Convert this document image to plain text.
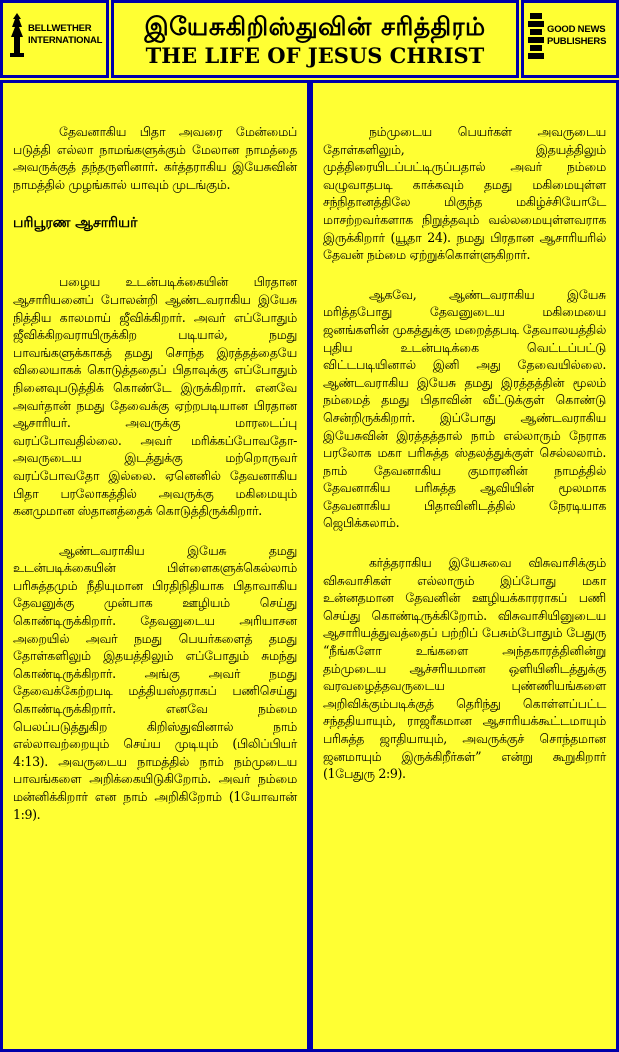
BELLWETHER
INTERNATIONAL	இயேசுகிறிஸ்துவின் சரித்திரம்
THE LIFE OF JESUS CHRIST
GOOD NEWS
PUBLISHERS

தேவனாகிய பிதா அவரை மேன்மைப் படுத்தி எல்லா நாமங்களுக்கும் மேலான நாமத்தை அவருக்குத் தந்தருளினார். கர்த்தராகிய இயேசுவின் நாமத்தில் முழங்கால் யாவும் முடங்கும்.

பரிபூரண ஆசாரியர்

பழைய உடன்படிக்கையின் பிரதான ஆசாரியனைப் போலன்றி ஆண்டவராகிய இயேசு நித்திய காலமாய் ஜீவிக்கிறார். அவர் எப்போதும் ஜீவிக்கிறவராயிருக்கிற படியால், நமது பாவங்களுக்காகத் தமது சொந்த இரத்தத்தையே விலையாகக் கொடுத்ததைப் பிதாவுக்கு எப்போதும் நினைவுபடுத்திக் கொண்டே இருக்கிறார். எனவே அவர்தான் நமது தேவைக்கு ஏற்றபடியான பிரதான ஆசாரியர். அவருக்கு மாரடைப்பு வரப்போவதில்லை. அவர் மரிக்கப்போவதோ- அவருடைய இடத்துக்கு மற்றொருவர் வரப்போவதோ இல்லை. ஏனெனில் தேவனாகிய பிதா பரலோகத்தில் அவருக்கு மகிமையும் கனமுமான ஸ்தானத்தைக் கொடுத்திருக்கிறார்.

ஆண்டவராகிய இயேசு தமது உடன்படிக்கையின் பிள்ளைகளுக்கெல்லாம் பரிசுத்தமும் நீதியுமான பிரதிநிதியாக பிதாவாகிய தேவனுக்கு முன்பாக ஊழியம் செய்து கொண்டிருக்கிறார். தேவனுடைய அரியாசன அறையில் அவர் நமது பெயர்களைத் தமது தோள்களிலும் இதயத்திலும் எப்போதும் சுமந்து கொண்டிருக்கிறார். அங்கு அவர் நமது தேவைக்கேற்றபடி மத்தியஸ்தராகப் பணிசெய்து கொண்டிருக்கிறார். எனவே நம்மை பெலப்படுத்துகிற கிறிஸ்துவினால் நாம் எல்லாவற்றையும் செய்ய முடியும் (பிலிப்பியர் 4:13). அவருடைய நாமத்தில் நாம் நம்முடைய பாவங்களை அறிக்கையிடுகிறோம். அவர் நம்மை மன்னிக்கிறார் என நாம் அறிகிறோம் (1யோவான் 1:9).

நம்முடைய பெயர்கள் அவருடைய தோள்களிலும், இதயத்திலும் முத்திரையிடப்பட்டிருப்பதால் அவர் நம்மை வழுவாதபடி காக்கவும் தமது மகிமையுள்ள சந்நிதானத்திலே மிகுந்த மகிழ்ச்சியோடே மாசற்றவர்களாக நிறுத்தவும் வல்லமையுள்ளவராக இருக்கிறார் (யூதா 24). நமது பிரதான ஆசாரியரில் தேவன் நம்மை ஏற்றுக்கொள்ளுகிறார்.

ஆகவே, ஆண்டவராகிய இயேசு மரித்தபோது தேவனுடைய மகிமையை ஜனங்களின் முகத்துக்கு மறைத்தபடி தேவாலயத்தில் புதிய உடன்படிக்கை வெட்டப்பட்டு விட்டபடியினால் இனி அது தேவையில்லை. ஆண்டவராகிய இயேசு தமது இரத்தத்தின் மூலம் நம்மைத் தமது பிதாவின் வீட்டுக்குள் கொண்டு சென்றிருக்கிறார். இப்போது ஆண்டவராகிய இயேசுவின் இரத்தத்தால் நாம் எல்லாரும் நேராக பரலோக மகா பரிசுத்த ஸ்தலத்துக்குள் செல்லலாம். நாம் தேவனாகிய குமாரனின் நாமத்தில் தேவனாகிய பரிசுத்த ஆவியின் மூலமாக தேவனாகிய பிதாவினிடத்தில் நேரடியாக ஜெபிக்கலாம்.

கர்த்தராகிய இயேசுவை விசுவாசிக்கும் விசுவாசிகள் எல்லாரும் இப்போது மகா உன்னதமான தேவனின் ஊழியக்காரராகப் பணி செய்து கொண்டிருக்கிறோம். விசுவாசியினுடைய ஆசாரியத்துவத்தைப் பற்றிப் பேசும்போதும் பேதுரு “நீங்களோ உங்களை அந்தகாரத்தினின்று தம்முடைய ஆச்சரியமான ஒளியினிடத்துக்கு வரவழைத்தவருடைய புண்ணியங்களை அறிவிக்கும்படிக்குத் தெரிந்து கொள்ளப்பட்ட சந்ததியாயும், ராஜரீகமான ஆசாரியக்கூட்டமாயும் பரிசுத்த ஜாதியாயும், அவருக்குச் சொந்தமான ஜனமாயும் இருக்கிறீர்கள்” என்று கூறுகிறார் (1பேதுரு 2:9).
